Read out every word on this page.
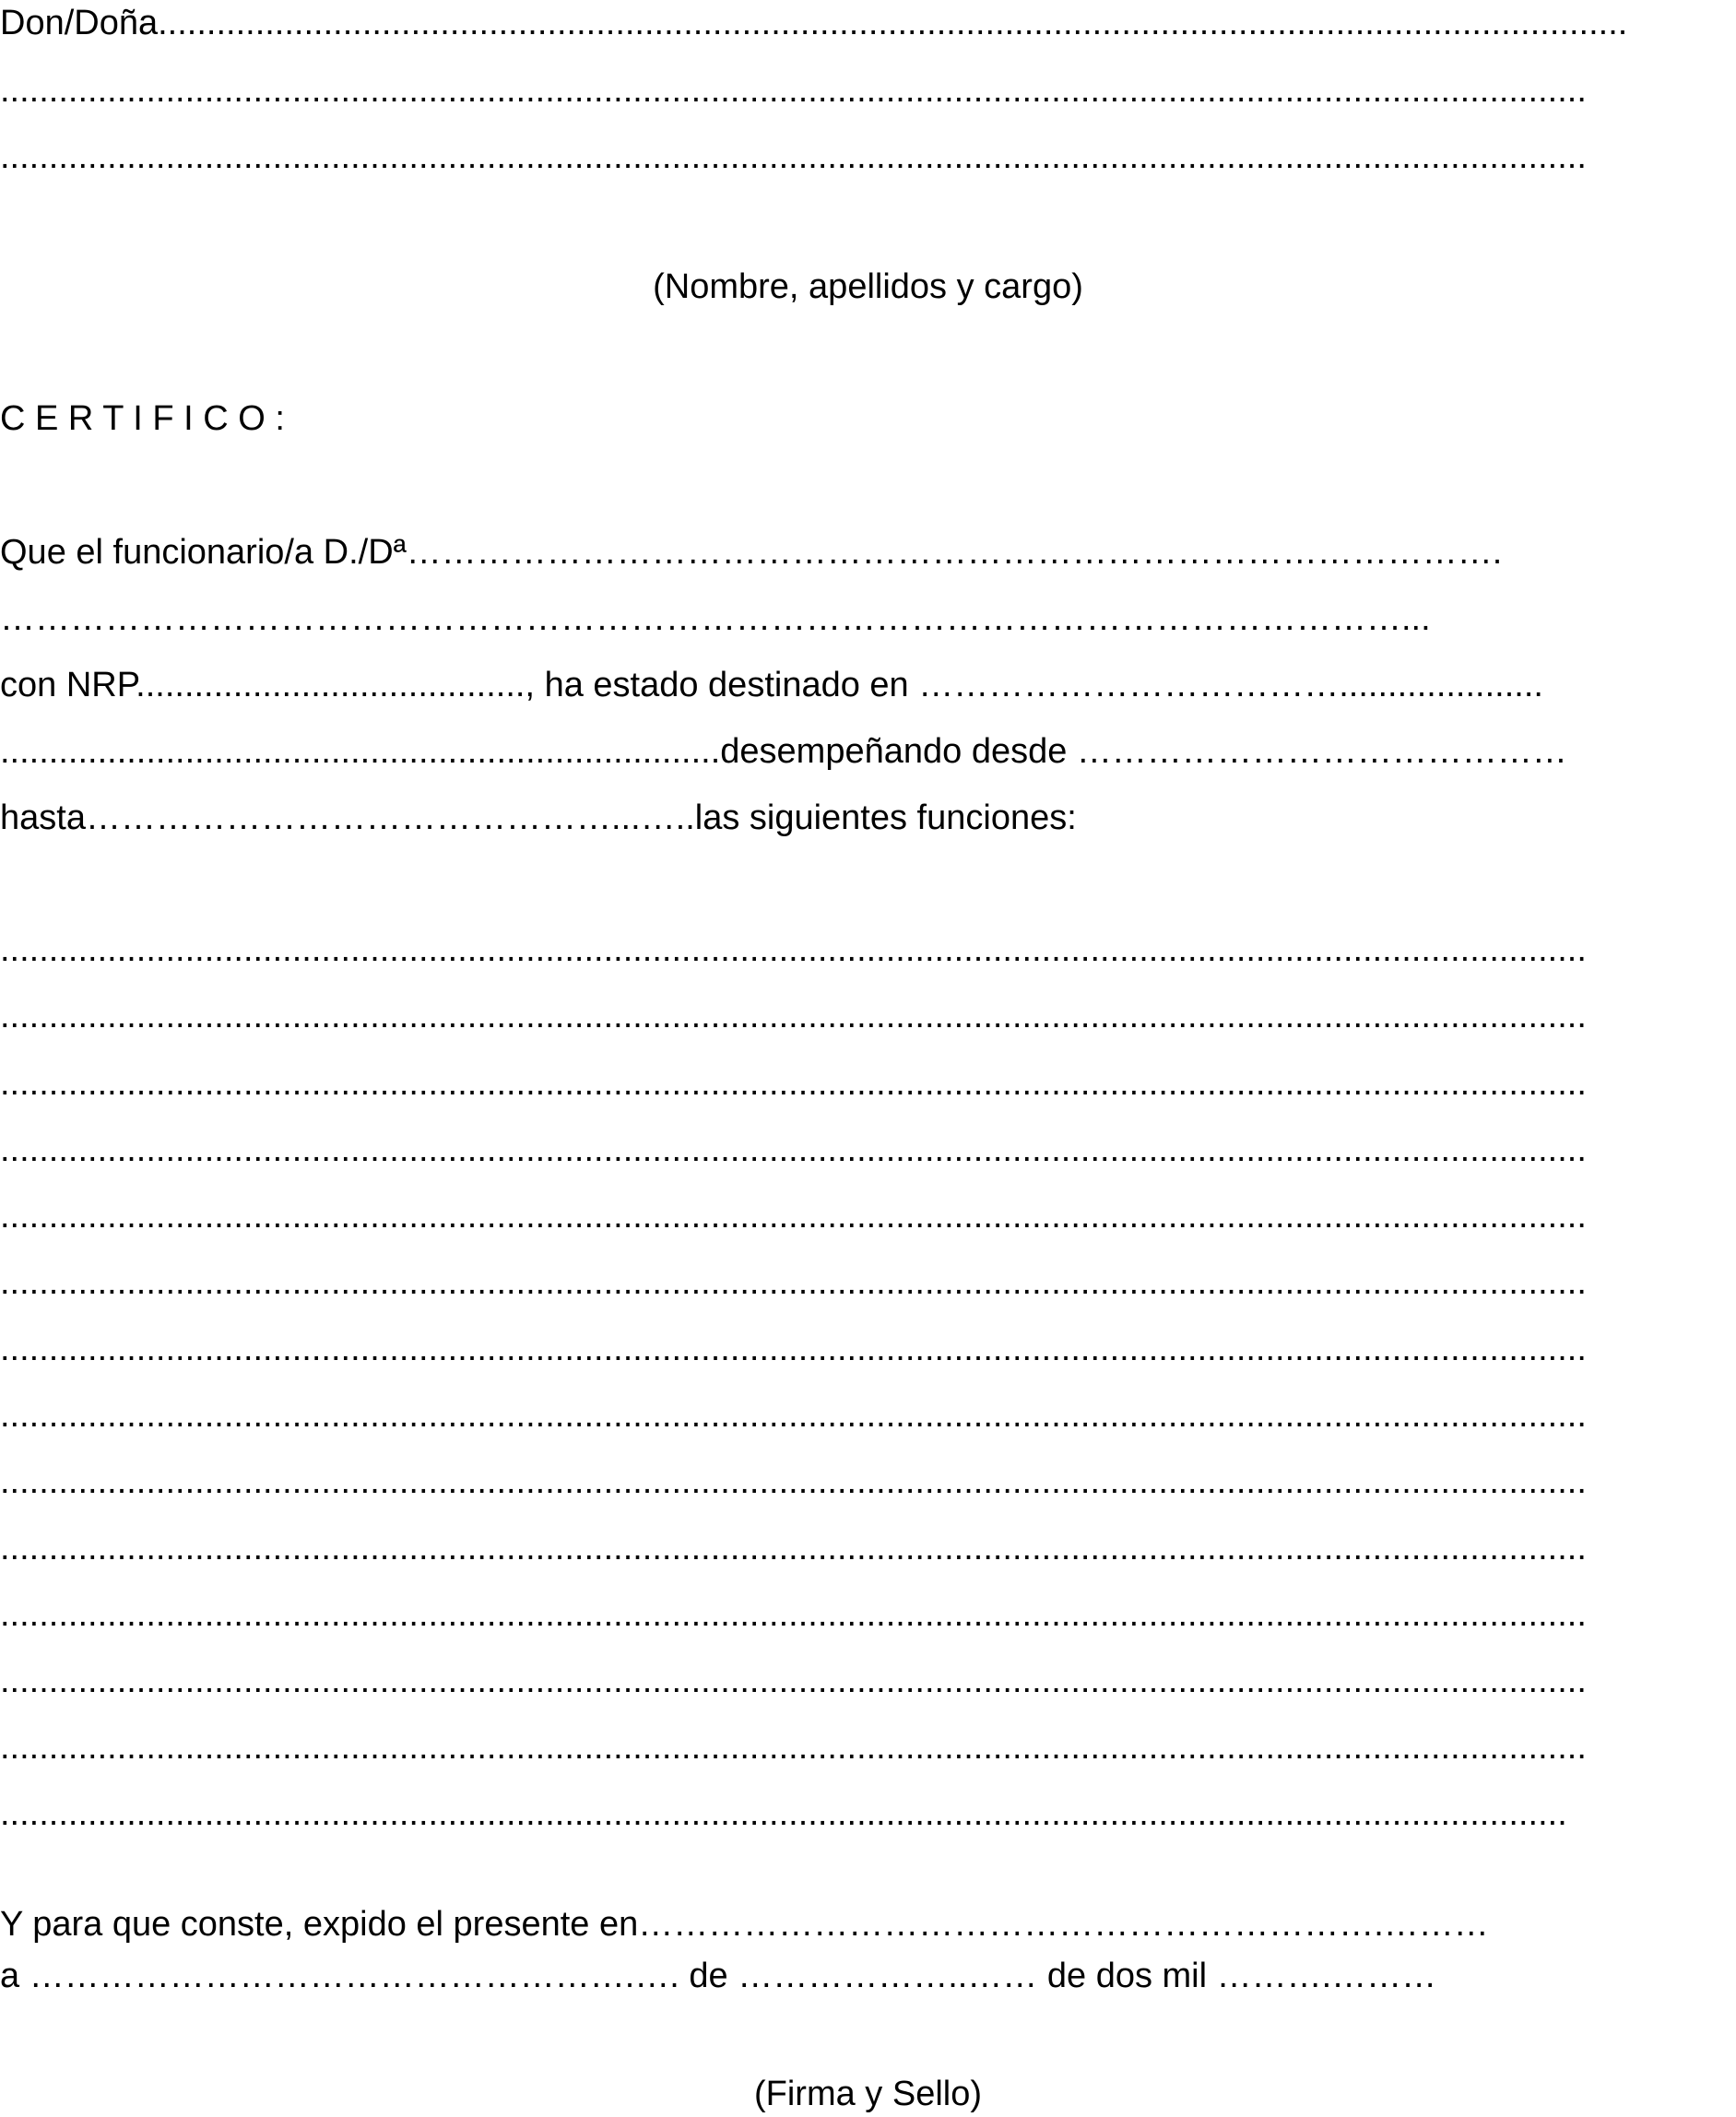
Don/Doña.......................................................................................................................................................
...................................................................................................................................................................
...................................................................................................................................................................
(Nombre, apellidos y cargo)
C E R T I F I C O :
Que el funcionario/a D./Dª………………………………………………………………………………….
…………………………………………………………………………………………………………...
con NRP........................................, ha estado destinado en ……………………………….....................
..........................................................................desempeñando desde ……………………………………
hasta………………………………………...…..las siguientes funciones:
...................................................................................................................................................................
...................................................................................................................................................................
...................................................................................................................................................................
...................................................................................................................................................................
...................................................................................................................................................................
...................................................................................................................................................................
...................................................................................................................................................................
...................................................................................................................................................................
...................................................................................................................................................................
...................................................................................................................................................................
...................................................................................................................................................................
...................................................................................................................................................................
...................................................................................................................................................................
.................................................................................................................................................................
Y para que conste, expido el presente en……………………………………………………….………
a …………………………………………….…. de ………………..…… de dos mil ……….………
(Firma y Sello)
